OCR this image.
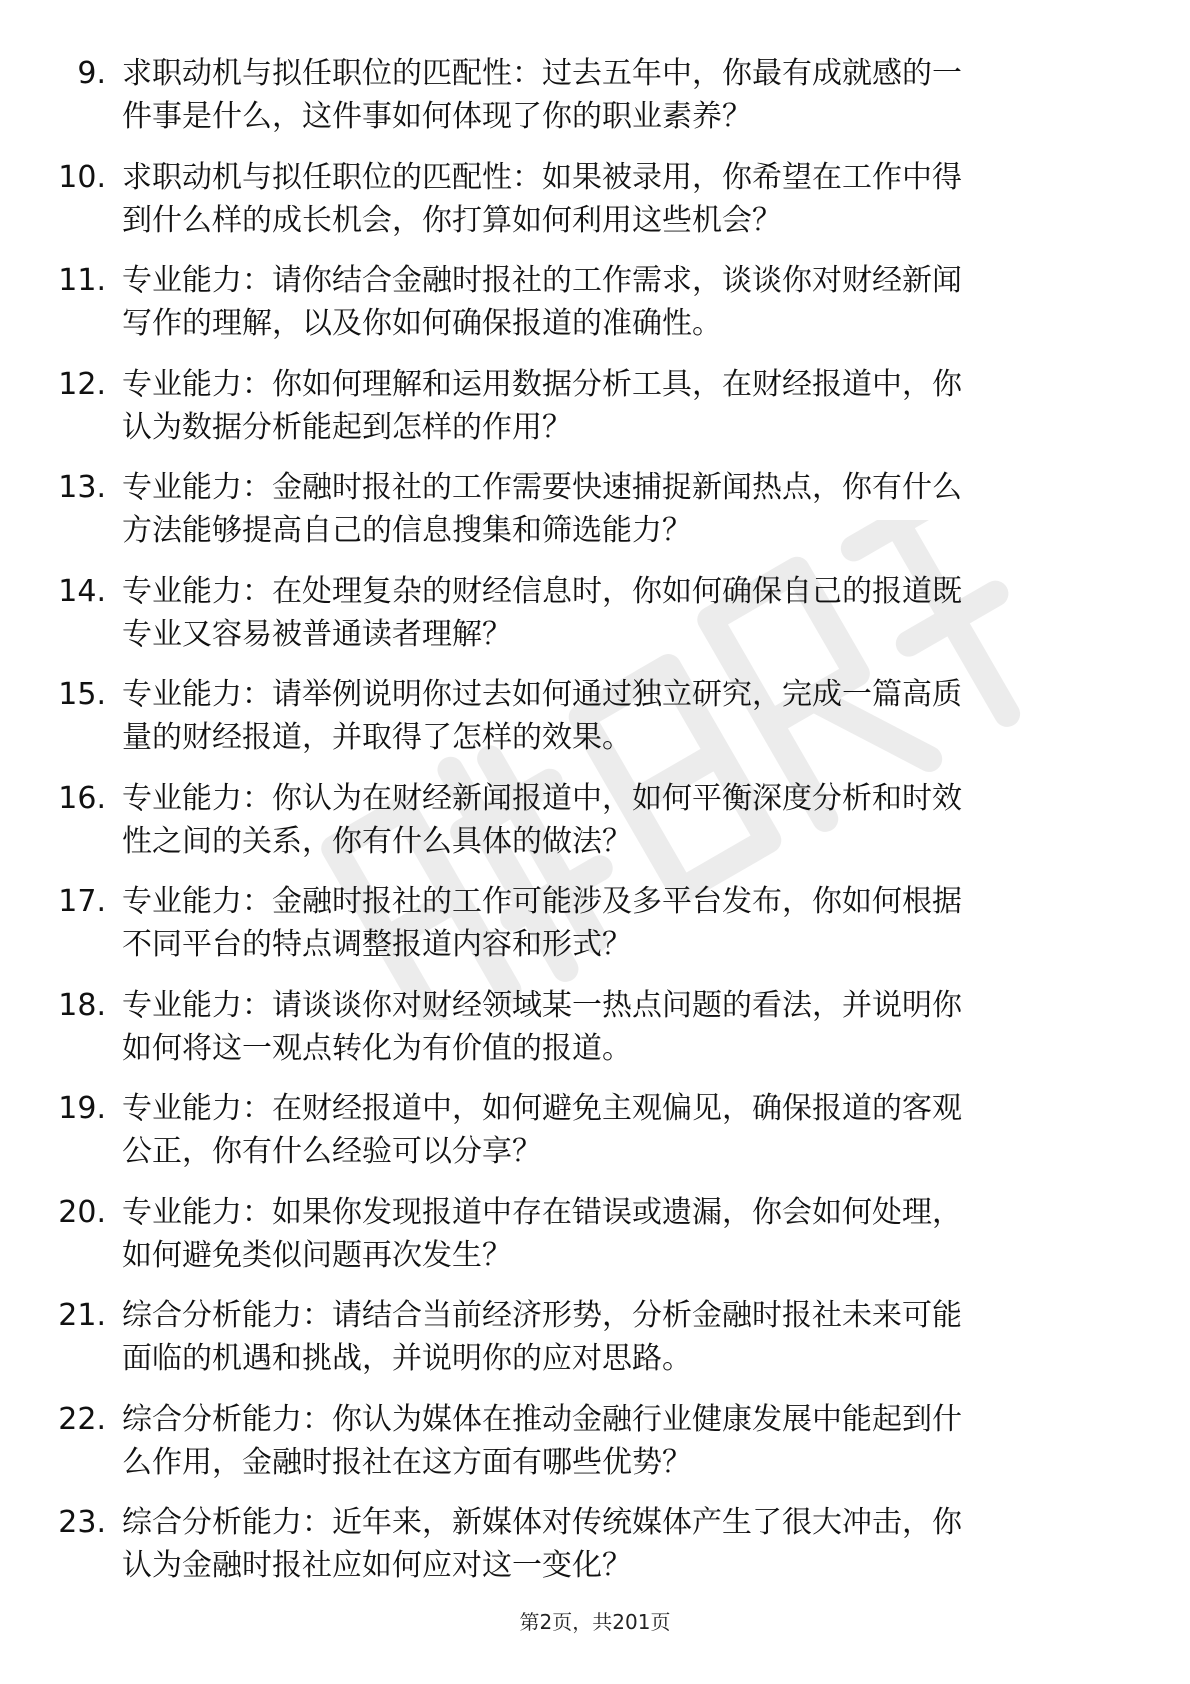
9. 求职动机与拟任职位的匹配性：过去五年中，你最有成就感的一
件事是什么，这件事如何体现了你的职业素养？

10. 求职动机与拟任职位的匹配性：如果被录用，你希望在工作中得
到什么样的成长机会，你打算如何利用这些机会？

11. 专业能力：请你结合金融时报社的工作需求，谈谈你对财经新闻
写作的理解，以及你如何确保报道的准确性。

12. 专业能力：你如何理解和运用数据分析工具，在财经报道中，你
认为数据分析能起到怎样的作用？

13. 专业能力：金融时报社的工作需要快速捕捉新闻热点，你有什么
方法能够提高自己的信息搜集和筛选能力？

14. 专业能力：在处理复杂的财经信息时，你如何确保自己的报道既
专业又容易被普通读者理解？

15. 专业能力：请举例说明你过去如何通过独立研究，完成一篇高质
量的财经报道，并取得了怎样的效果。

16. 专业能力：你认为在财经新闻报道中，如何平衡深度分析和时效
性之间的关系，你有什么具体的做法？

17. 专业能力：金融时报社的工作可能涉及多平台发布，你如何根据
不同平台的特点调整报道内容和形式？

18. 专业能力：请谈谈你对财经领域某一热点问题的看法，并说明你
如何将这一观点转化为有价值的报道。

19. 专业能力：在财经报道中，如何避免主观偏见，确保报道的客观
公正，你有什么经验可以分享？

20. 专业能力：如果你发现报道中存在错误或遗漏，你会如何处理，
如何避免类似问题再次发生？

21. 综合分析能力：请结合当前经济形势，分析金融时报社未来可能
面临的机遇和挑战，并说明你的应对思路。

22. 综合分析能力：你认为媒体在推动金融行业健康发展中能起到什
么作用，金融时报社在这方面有哪些优势？

23. 综合分析能力：近年来，新媒体对传统媒体产生了很大冲击，你
认为金融时报社应如何应对这一变化？

第2页，共201页
